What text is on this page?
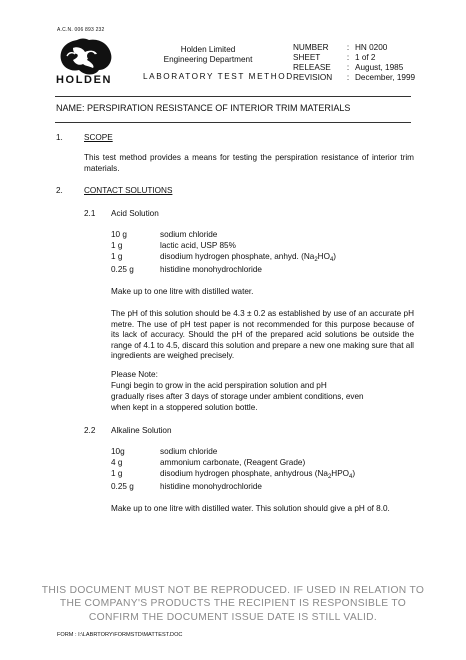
A.C.N. 006 893 232
HOLDEN
Holden Limited
Engineering Department
LABORATORY TEST METHOD
NUMBER : HN 0200
SHEET	: 1 of 2
RELEASE : August, 1985
REVISION : December, 1999
NAME: PERSPIRATION RESISTANCE OF INTERIOR TRIM MATERIALS
1.	SCOPE
This test method provides a means for testing the perspiration resistance of interior trim materials.
2.	CONTACT SOLUTIONS
2.1 Acid Solution
10 g	sodium chloride
1 g	lactic acid, USP 85%
1 g	disodium hydrogen phosphate, anhyd. $(Na_2HO_4)$
0.25 g	histidine monohydrochloride
Make up to one litre with distilled water.
The pH of this solution should be 4.3 ± 0.2 as established by use of an accurate pH metre. The use of pH test paper is not recommended for this purpose because of its lack of accuracy. Should the pH of the prepared acid solutions be outside the range of 4.1 to 4.5, discard this solution and prepare a new one making sure that all ingredients are weighed precisely.
Please Note:
Fungi begin to grow in the acid perspiration solution and pH
gradually rises after 3 days of storage under ambient conditions, even
when kept in a stoppered solution bottle.
2.2 Alkaline Solution
10g	sodium chloride
4 g	ammonium carbonate, (Reagent Grade)
1 g	disodium hydrogen phosphate, anhydrous $(Na_2HPO_4)$
0.25 g	histidine monohydrochloride
Make up to one litre with distilled water. This solution should give a pH of 8.0.
THIS DOCUMENT MUST NOT BE REPRODUCED. IF USED IN RELATION TO
THE COMPANY'S PRODUCTS THE RECIPIENT IS RESPONSIBLE TO
CONFIRM THE DOCUMENT ISSUE DATE IS STILL VALID.
FORM : I:\LABRTORY\FORMSTD\MATTEST.DOC
